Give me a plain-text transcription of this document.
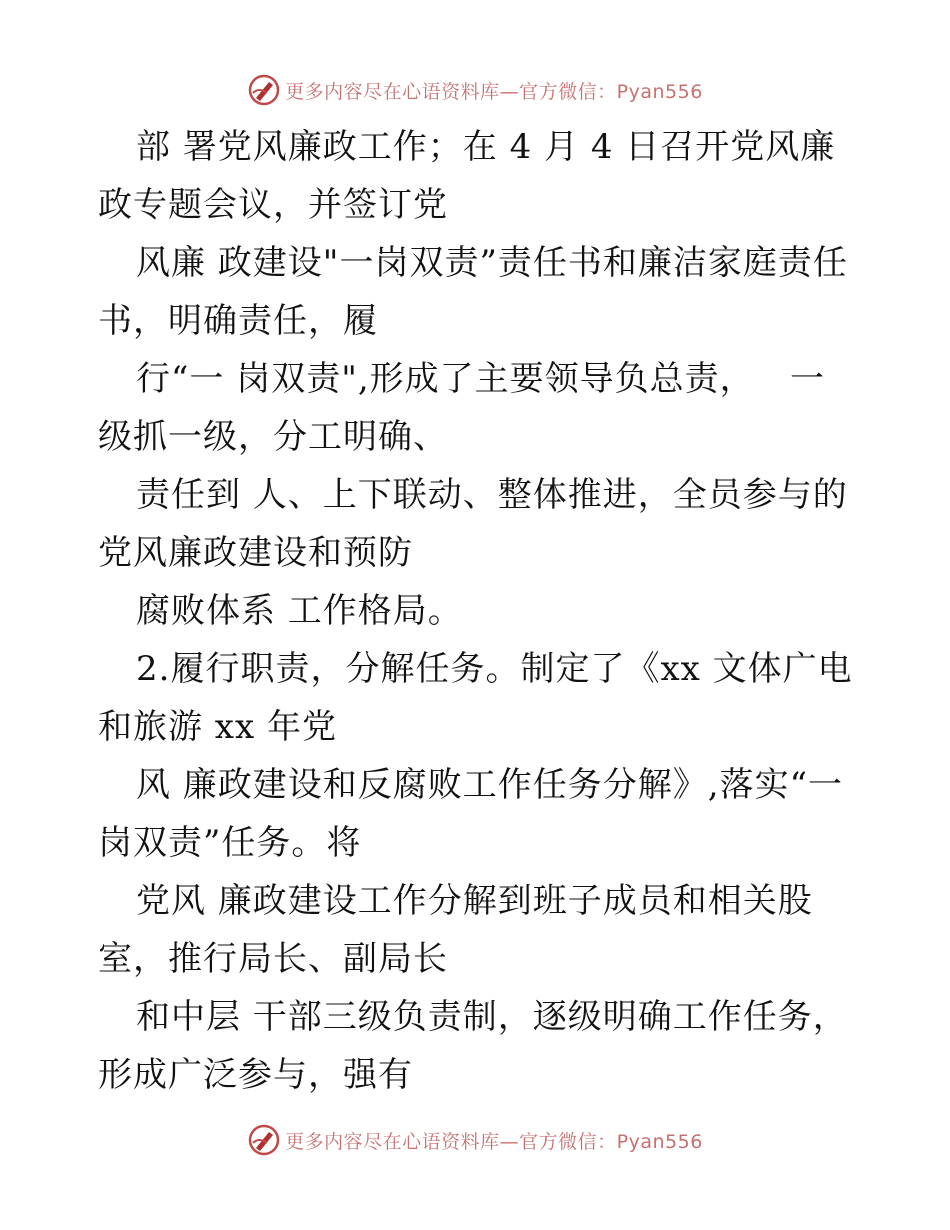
更多内容尽在心语资料库—官方微信：Pyan556
部 署党风廉政工作；在 4 月 4 日召开党风廉
政专题会议，并签订党
风廉 政建设"一岗双责”责任书和廉洁家庭责任
书，明确责任，履
行“一 岗双责",形成了主要领导负总责，   一
级抓一级，分工明确、
责任到 人、上下联动、整体推进，全员参与的
党风廉政建设和预防
腐败体系 工作格局。
2.履行职责，分解任务。制定了《xx 文体广电
和旅游 xx 年党
风 廉政建设和反腐败工作任务分解》,落实“一
岗双责”任务。将
党风 廉政建设工作分解到班子成员和相关股
室，推行局长、副局长
和中层 干部三级负责制，逐级明确工作任务，
形成广泛参与，强有
更多内容尽在心语资料库—官方微信：Pyan556
